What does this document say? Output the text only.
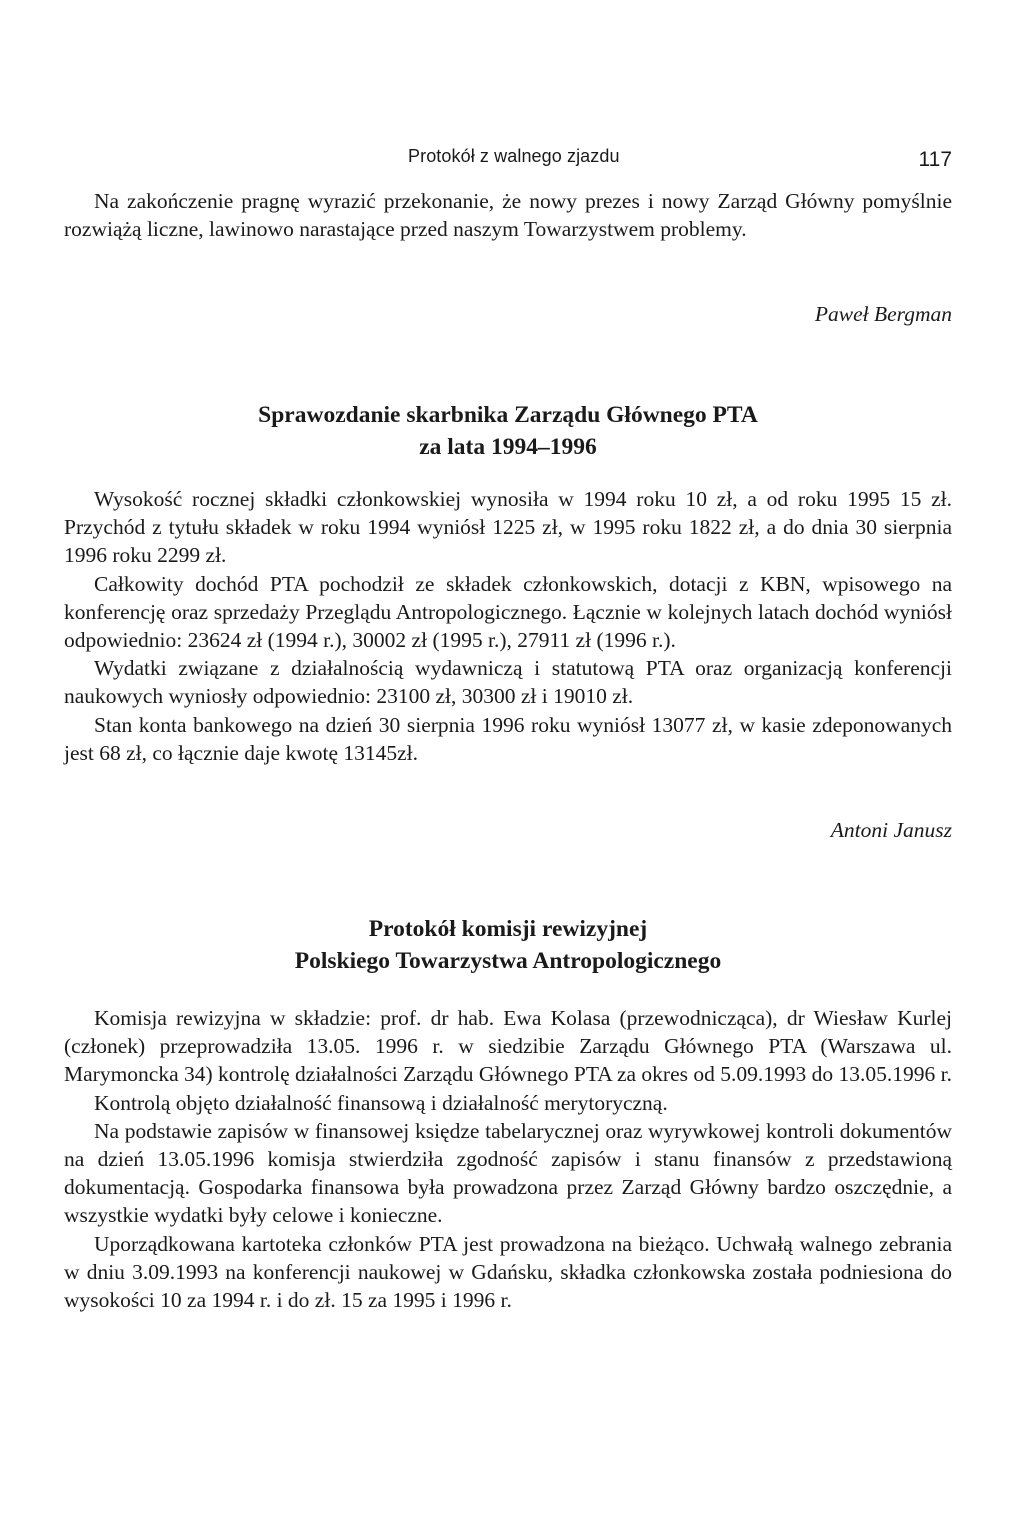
Protokół z walnego zjazdu	117

Na zakończenie pragnę wyrazić przekonanie, że nowy prezes i nowy Zarząd Główny pomyślnie rozwiążą liczne, lawinowo narastające przed naszym Towarzystwem problemy.

Paweł Bergman
Sprawozdanie skarbnika Zarządu Głównego PTA
za lata 1994–1996

Wysokość rocznej składki członkowskiej wynosiła w 1994 roku 10 zł, a od roku 1995 15 zł. Przychód z tytułu składek w roku 1994 wyniósł 1225 zł, w 1995 roku 1822 zł, a do dnia 30 sierpnia 1996 roku 2299 zł.

Całkowity dochód PTA pochodził ze składek członkowskich, dotacji z KBN, wpisowego na konferencję oraz sprzedaży Przeglądu Antropologicznego. Łącznie w kolejnych latach dochód wyniósł odpowiednio: 23624 zł (1994 r.), 30002 zł (1995 r.), 27911 zł (1996 r.).

Wydatki związane z działalnością wydawniczą i statutową PTA oraz organizacją konferencji naukowych wyniosły odpowiednio: 23100 zł, 30300 zł i 19010 zł.

Stan konta bankowego na dzień 30 sierpnia 1996 roku wyniósł 13077 zł, w kasie zdeponowanych jest 68 zł, co łącznie daje kwotę 13145zł.

Antoni Janusz
Protokół komisji rewizyjnej
Polskiego Towarzystwa Antropologicznego

Komisja rewizyjna w składzie: prof. dr hab. Ewa Kolasa (przewodnicząca), dr Wiesław Kurlej (członek) przeprowadziła 13.05. 1996 r. w siedzibie Zarządu Głównego PTA (Warszawa ul. Marymoncka 34) kontrolę działalności Zarządu Głównego PTA za okres od 5.09.1993 do 13.05.1996 r.

Kontrolą objęto działalność finansową i działalność merytoryczną.

Na podstawie zapisów w finansowej księdze tabelarycznej oraz wyrywkowej kontroli dokumentów na dzień 13.05.1996 komisja stwierdziła zgodność zapisów i stanu finansów z przedstawioną dokumentacją. Gospodarka finansowa była prowadzona przez Zarząd Główny bardzo oszczędnie, a wszystkie wydatki były celowe i konieczne.

Uporządkowana kartoteka członków PTA jest prowadzona na bieżąco. Uchwałą walnego zebrania w dniu 3.09.1993 na konferencji naukowej w Gdańsku, składka członkowska została podniesiona do wysokości 10 za 1994 r. i do zł. 15 za 1995 i 1996 r.
